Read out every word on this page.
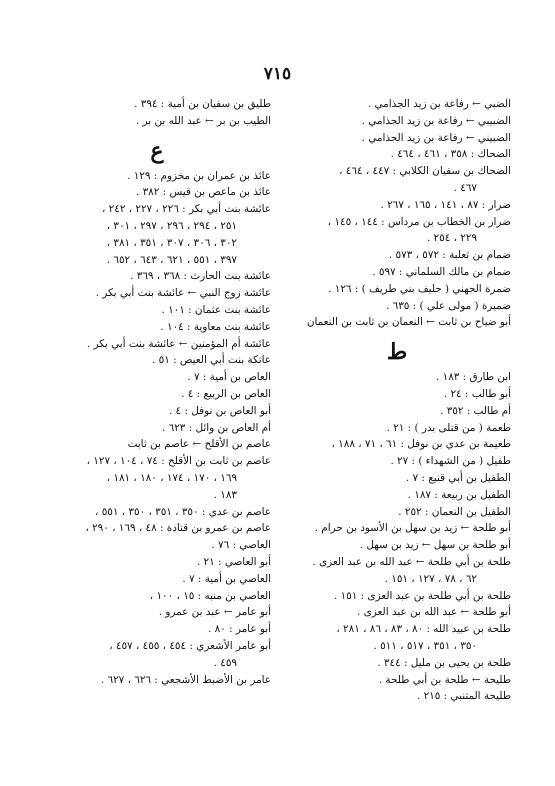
٧١٥
الضبي ← رفاعة بن زيد الجذامي .
الضبيبي ← رفاعة بن زيد الجذامي .
الضبيني ← رفاعة بن زيد الجذامي .
الضحاك : ٣٥٨ ، ٤٦١ ، ٤٦٤ .
الضحاك بن سفيان الكلابي : ٤٤٧ ، ٤٦٤ ،
٤٦٧ .
ضرار : ٨٧ ، ١٤١ ، ١٦٥ ، ٢٦٧ .
ضرار بن الخطاب بن مرداس : ١٤٤ ، ١٤٥ ،
٢٢٩ ، ٢٥٤ .
ضمام بن ثعلبة : ٥٧٢ ، ٥٧٣ .
ضمام بن مالك السلماني : ٥٩٧ .
ضمرة الجهني ( حليف بني طريف ) : ١٢٦ .
ضميرة ( مولى علي ) : ٦٣٥ .
أبو ضياح بن ثابت ← النعمان بن ثابت بن النعمان
ط
ابن طارق : ١٨٣ .
أبو طالب : ٢٤ .
أم طالب : ٣٥٢ .
طعمة ( من قتلى بدر ) : ٢١ .
طعيمة بن عدي بن نوفل : ٦١ ، ٧١ ، ١٨٨ ،
طفيل ( من الشهداء ) : ٢٧ .
الطفيل بن أبي قنيع : ٧ .
الطفيل بن ربيعة : ١٨٧ .
الطفيل بن النعمان : ٢٥٢ .
أبو طلحة ← زيد بن سهل بن الأسود بن حرام .
أبو طلحة بن سهل ← زيد بن سهل .
طلحة بن أبي طلحة ← عبد الله بن عبد العزى .
٦٢ ، ٧٨ ، ١٢٧ ، ١٥١ .
طلحة بن أبي طلحة بن عبد العزى : ١٥١ .
أبو طلحة ← عبد الله بن عبد العزى .
طلحة بن عبيد الله : ٨٠ ، ٨٣ ، ٨٦ ، ٢٨١ ،
٣٥٠ ، ٣٥١ ، ٥١٧ ، ٥١١ .
طلحة بن يحيى بن مليل : ٣٤٤ .
طليحة ← طلحة بن أبي طلحة .
طليحة المتنبي : ٢١٥ .
طليق بن سفيان بن أمية : ٣٩٤ .
الطيب بن بر ← عبد الله بن بر .
ع
عائذ بن عمران بن مخزوم : ١٢٩ .
عائذ بن ماعص بن قيس : ٣٨٢ .
عائشة بنت أبي بكر : ٢٢٦ ، ٢٢٧ ، ٢٤٢ ،
٢٥١ ، ٢٩٤ ، ٢٩٦ ، ٢٩٧ ، ٣٠١ ،
٣٠٢ ، ٣٠٦ ، ٣٠٧ ، ٣٥١ ، ٣٨١ ،
٣٩٧ ، ٥٥١ ، ٦٢١ ، ٦٤٣ ، ٦٥٢ .
عائشة بنت الحارث : ٣٦٨ ، ٣٦٩ .
عائشة زوج النبي ← عائشة بنت أبي بكر .
عائشة بنت عثمان : ١٠١ .
عائشة بنت معاوية : ١٠٤ .
عائشة أم المؤمنين ← عائشة بنت أبي بكر .
عاتكة بنت أبي العيص : ٥١ .
العاص بن أمية : ٧ .
العاص بن الربيع : ٤ .
أبو العاص بن نوفل : ٤ .
أم العاص بن وائل : ٦٢٣ .
عاصم بن الأقلح ← عاصم بن ثابت
عاصم بن ثابت بن الأقلح : ٧٤ ، ١٠٤ ، ١٢٧ ،
١٦٩ ، ١٧٠ ، ١٧٤ ، ١٨٠ ، ١٨١ ،
١٨٣ .
عاصم بن عدي : ٣٥٠ ، ٣٥١ ، ٣٥٠ ، ٥٥١ ،
عاصم بن عمرو بن قتادة : ٤٨ ، ١٦٩ ، ٢٩٠ ،
العاصي : ٧٦ .
أبو العاصي : ٢١ .
العاصي بن أمية : ٧ .
العاصي بن منبه : ١٥ ، ١٠٠ ،
أبو عامر ← عبد بن عمرو .
أبو عامر : ٨٠ .
أبو عامر الأشعري : ٤٥٤ ، ٤٥٥ ، ٤٥٧ ،
٤٥٩ .
عامر بن الأضبط الأشجعي : ٦٢٦ ، ٦٢٧ .
